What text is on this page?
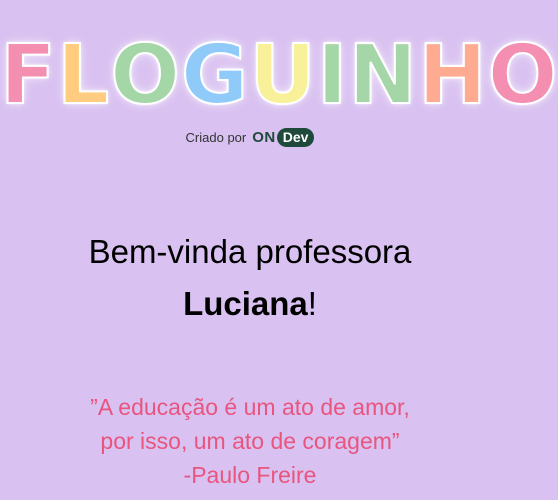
FLOGUINHO
Criado por ON Dev
Bem-vinda professora
Luciana!
”A educação é um ato de amor,
por isso, um ato de coragem”
-Paulo Freire
